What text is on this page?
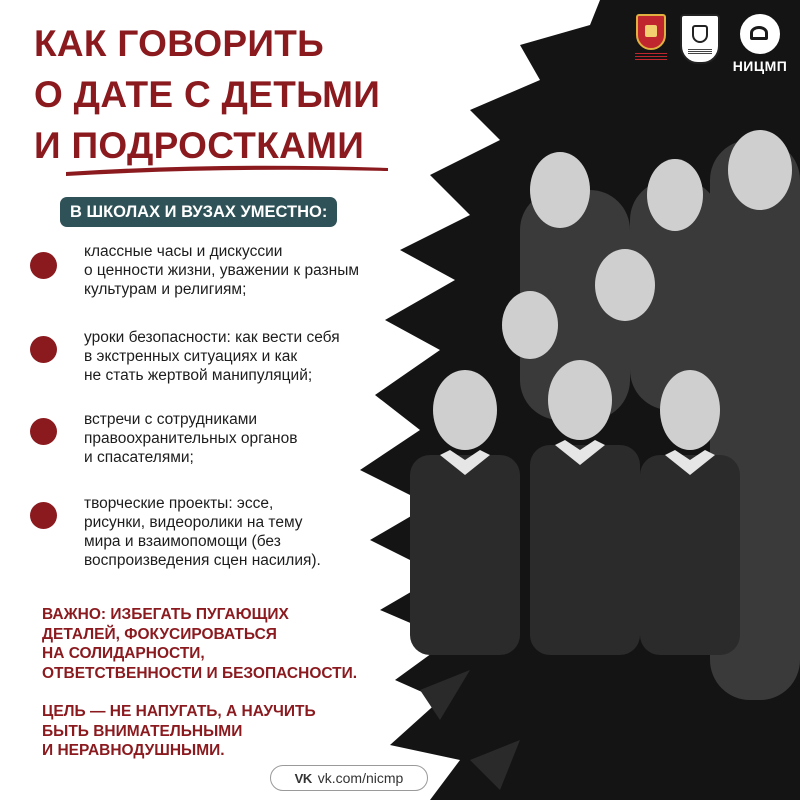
КАК ГОВОРИТЬ
О ДАТЕ С ДЕТЬМИ
И ПОДРОСТКАМИ
В ШКОЛАХ И ВУЗАХ УМЕСТНО:
классные часы и дискуссии
о ценности жизни, уважении к разным
культурам и религиям;
уроки безопасности: как вести себя
в экстренных ситуациях и как
не стать жертвой манипуляций;
встречи с сотрудниками
правоохранительных органов
и спасателями;
творческие проекты: эссе,
рисунки, видеоролики на тему
мира и взаимопомощи (без
воспроизведения сцен насилия).
ВАЖНО: ИЗБЕГАТЬ ПУГАЮЩИХ
ДЕТАЛЕЙ, ФОКУСИРОВАТЬСЯ
НА СОЛИДАРНОСТИ,
ОТВЕТСТВЕННОСТИ И БЕЗОПАСНОСТИ.
ЦЕЛЬ — НЕ НАПУГАТЬ, А НАУЧИТЬ
БЫТЬ ВНИМАТЕЛЬНЫМИ
И НЕРАВНОДУШНЫМИ.
VK vk.com/nicmp
НИЦМП
